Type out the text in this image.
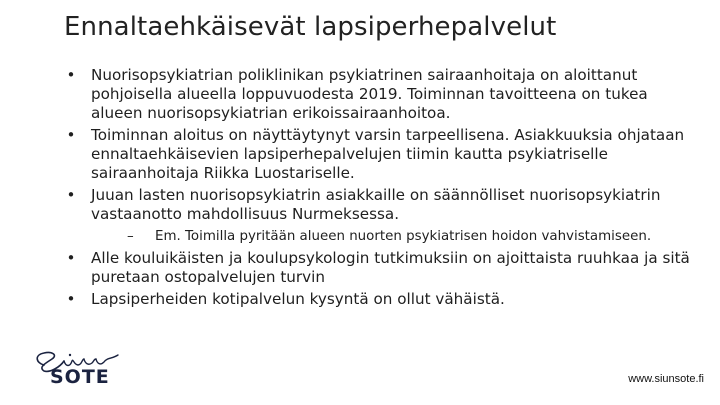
Ennaltaehkäisevät lapsiperhepalvelut
• Nuorisopsykiatrian poliklinikan psykiatrinen sairaanhoitaja on aloittanut pohjoisella alueella loppuvuodesta 2019. Toiminnan tavoitteena on tukea alueen nuorisopsykiatrian erikoissairaanhoitoa.
• Toiminnan aloitus on näyttäytynyt varsin tarpeellisena. Asiakkuuksia ohjataan ennaltaehkäisevien lapsiperhepalvelujen tiimin kautta psykiatriselle sairaanhoitaja Riikka Luostariselle.
• Juuan lasten nuorisopsykiatrin asiakkaille on säännölliset nuorisopsykiatrin vastaanotto mahdollisuus Nurmeksessa.
– Em. Toimilla pyritään alueen nuorten psykiatrisen hoidon vahvistamiseen.
• Alle kouluikäisten ja koulupsykologin tutkimuksiin on ajoittaista ruuhkaa ja sitä puretaan ostopalvelujen turvin
• Lapsiperheiden kotipalvelun kysyntä on ollut vähäistä.
SOTE	www.siunsote.fi
